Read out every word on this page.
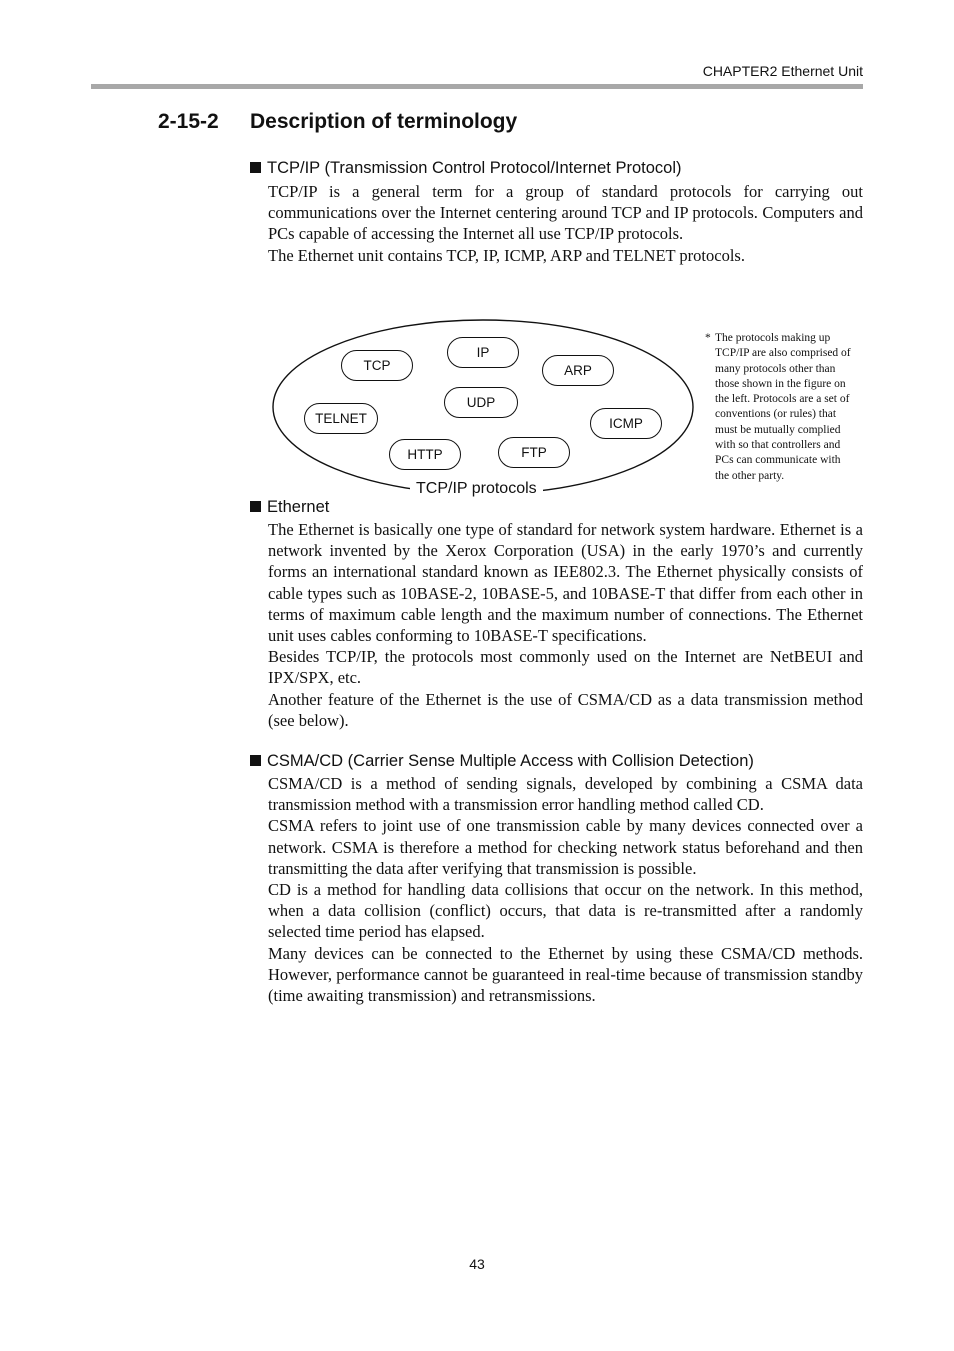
CHAPTER2 Ethernet Unit
2-15-2 Description of terminology
TCP/IP (Transmission Control Protocol/Internet Protocol)

TCP/IP is a general term for a group of standard protocols for carrying out communications over the Internet centering around TCP and IP protocols. Computers and PCs capable of accessing the Internet all use TCP/IP protocols.

The Ethernet unit contains TCP, IP, ICMP, ARP and TELNET protocols.

TCP
IP
ARP
UDP
TELNET	ICMP
HTTP	FTP
TCP/IP protocols
* The protocols making up TCP/IP are also comprised of many protocols other than those shown in the figure on the left. Protocols are a set of conventions (or rules) that must be mutually complied with so that controllers and PCs can communicate with the other party.
Ethernet

The Ethernet is basically one type of standard for network system hardware. Ethernet is a network invented by the Xerox Corporation (USA) in the early 1970’s and currently forms an international standard known as IEE802.3. The Ethernet physically consists of cable types such as 10BASE-2, 10BASE-5, and 10BASE-T that differ from each other in terms of maximum cable length and the maximum number of connections. The Ethernet unit uses cables conforming to 10BASE-T specifications.

Besides TCP/IP, the protocols most commonly used on the Internet are NetBEUI and IPX/SPX, etc.

Another feature of the Ethernet is the use of CSMA/CD as a data transmission method (see below).

CSMA/CD (Carrier Sense Multiple Access with Collision Detection)

CSMA/CD is a method of sending signals, developed by combining a CSMA data transmission method with a transmission error handling method called CD.

CSMA refers to joint use of one transmission cable by many devices connected over a network. CSMA is therefore a method for checking network status beforehand and then transmitting the data after verifying that transmission is possible.

CD is a method for handling data collisions that occur on the network. In this method, when a data collision (conflict) occurs, that data is re-transmitted after a randomly selected time period has elapsed.

Many devices can be connected to the Ethernet by using these CSMA/CD methods. However, performance cannot be guaranteed in real-time because of transmission standby (time awaiting transmission) and retransmissions.

43
